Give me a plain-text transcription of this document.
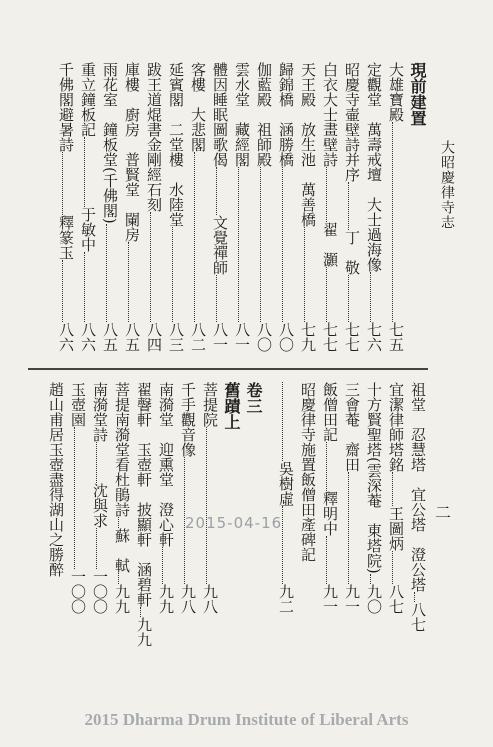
大昭慶律寺志
二
現前建置
大雄寶殿
七五
定觀堂　萬壽戒壇　大士過海像
七六
昭慶寺壷壁詩并序
丁　敬
七七
白衣大士畫壁詩
翟　灝
七七
天王殿　放生池　萬善橋
七九
歸錦橋　涵勝橋
八〇
伽藍殿　祖師殿
八〇
雲水堂　藏經閣
八一
體因睡眠圖歌偈
文覺禪師
八一
客樓　大悲閣
八二
延賓閣　二堂樓　水陸堂
八三
跋王道焜書金剛經石刻
八四
庫樓　廚房　普賢堂　䦨房
八五
雨花室　鐘板堂(千佛閣)
八五
重立鐘板記
于敏中
八六
千佛閣避暑詩
釋篆玉
八六
祖堂　忍慧塔　宜公塔　澄公塔
八七
宜潔律師塔銘
王圖炳
八七
十方賢聖塔(雲深菴　東塔院)
九〇
三會菴　齋田
九一
飯僧田記
釋明中
九一
昭慶律寺施置飯僧田產碑記
吳樹虛
九二
卷三
舊蹟上
菩提院
九八
千手觀音像
九八
南漪堂　迎熏堂　澄心軒
九九
翟韾軒　玉壺軒　披顯軒　涵碧軒
九九
菩提南漪堂看杜鵑詩
蘇　軾
九九
南漪堂詩
沈與求
一〇〇
玉壺園
一〇〇
趙山甫居玉壺盡得湖山之勝醉	2015-04-16
2015 Dharma Drum Institute of Liberal Arts
